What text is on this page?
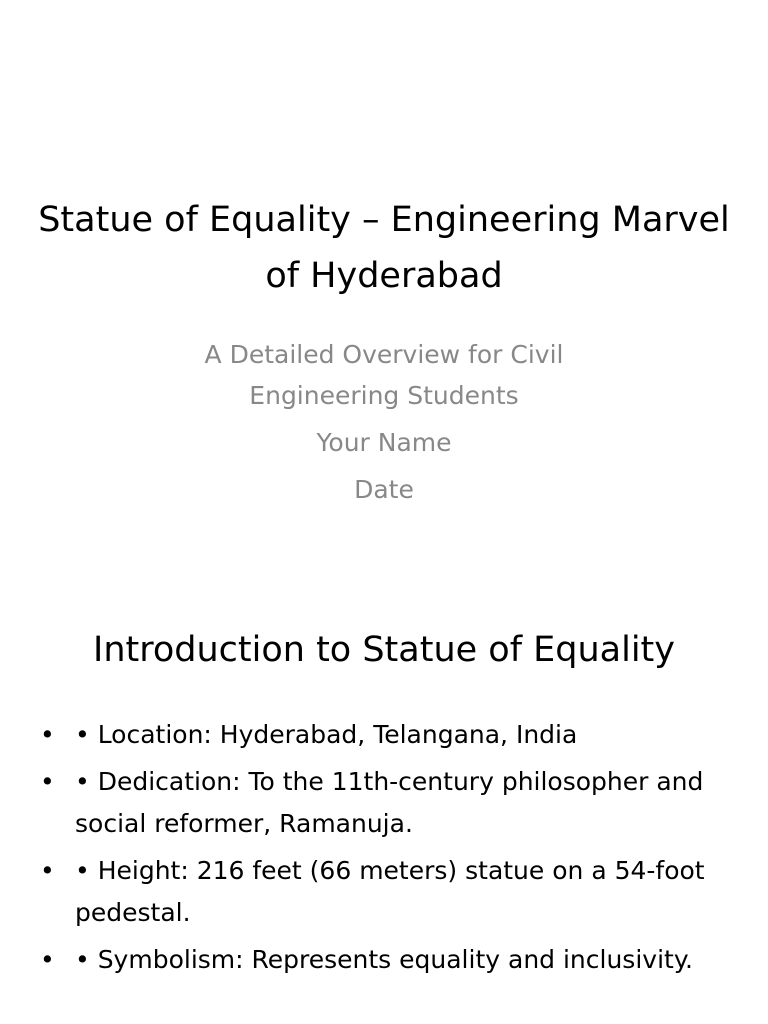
Statue of Equality – Engineering Marvel of Hyderabad
A Detailed Overview for Civil Engineering Students
Your Name
Date
Introduction to Statue of Equality
• • Location: Hyderabad, Telangana, India
• • Dedication: To the 11th-century philosopher and social reformer, Ramanuja.
• • Height: 216 feet (66 meters) statue on a 54-foot pedestal.
• • Symbolism: Represents equality and inclusivity.
